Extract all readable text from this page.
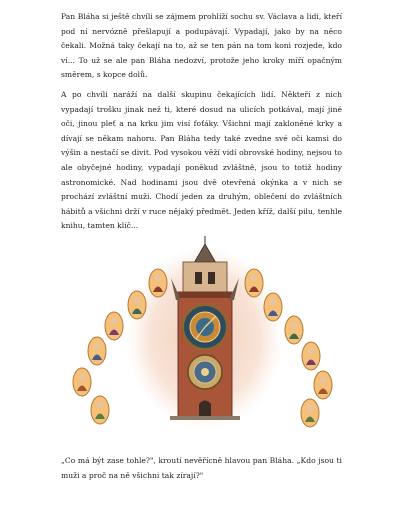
Pan Bláha si ještě chvíli se zájmem prohlíží sochu sv. Václava a lidi, kteří pod ní nervózně přešlapují a podupávají. Vypadají, jako by na něco čekali. Možná taky čekají na to, až se ten pán na tom koni rozjede, kdo ví... To už se ale pan Bláha nedozví, protože jeho kroky míří opačným směrem, s kopce dolů.

A po chvíli naráží na další skupinu čekajících lidí. Někteří z nich vypadají trošku jinak než ti, které dosud na ulicích potkával, mají jiné oči, jinou pleť a na krku jim visí foťáky. Všichni mají zakloněné krky a dívají se někam nahoru. Pan Bláha tedy také zvedne své oči kamsi do výšin a nestačí se divit. Pod vysokou věží vidí obrovské hodiny, nejsou to ale obyčejné hodiny, vypadají poněkud zvláštně, jsou to totiž hodiny astronomické. Nad hodinami jsou dvě otevřená okýnka a v nich se prochází zvláštní muži. Chodí jeden za druhým, oblečeni do zvláštních hábitů a všichni drží v ruce nějaký předmět. Jeden kříž, další pilu, tenhle knihu, tamten klíč...

„Co má být zase tohle?", kroutí nevěřícně hlavou pan Bláha. „Kdo jsou ti muži a proč na ně všichni tak zírají?"
